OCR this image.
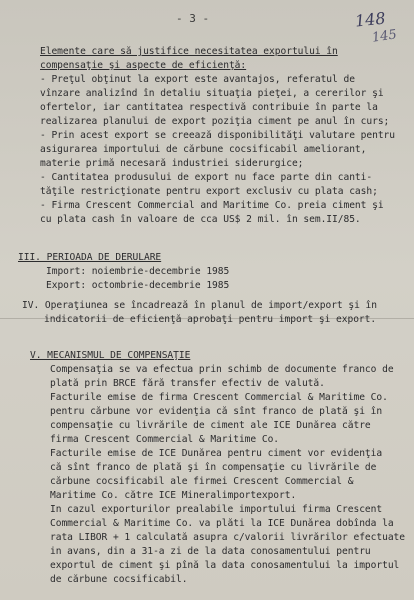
- 3 -	148
145
Elemente care să justifice necesitatea exportului în
compensaţie şi aspecte de eficienţă:
- Preţul obţinut la export este avantajos, referatul de
vînzare analizînd în detaliu situaţia pieţei, a cererilor şi
ofertelor, iar cantitatea respectivă contribuie în parte la
realizarea planului de export poziţia ciment pe anul în curs;
- Prin acest export se creează disponibilităţi valutare pentru
asigurarea importului de cărbune cocsificabil ameliorant,
materie primă necesară industriei siderurgice;
- Cantitatea produsului de export nu face parte din canti-
tăţile restricţionate pentru export exclusiv cu plata cash;
- Firma Crescent Commercial and Maritime Co. preia ciment şi
cu plata cash în valoare de cca US$ 2 mil. în sem.II/85.
III. PERIOADA DE DERULARE
Import: noiembrie-decembrie 1985
Export: octombrie-decembrie 1985
IV. Operaţiunea se încadrează în planul de import/export şi în
indicatorii de eficienţă aprobaţi pentru import şi export.
V. MECANISMUL DE COMPENSAŢIE
Compensaţia se va efectua prin schimb de documente franco de
plată prin BRCE fără transfer efectiv de valută.
Facturile emise de firma Crescent Commercial & Maritime Co.
pentru cărbune vor evidenţia că sînt franco de plată şi în
compensaţie cu livrările de ciment ale ICE Dunărea către
firma Crescent Commercial & Maritime Co.
Facturile emise de ICE Dunărea pentru ciment vor evidenţia
că sînt franco de plată şi în compensaţie cu livrările de
cărbune cocsificabil ale firmei Crescent Commercial &
Maritime Co. către ICE Mineralimportexport.
In cazul exporturilor prealabile importului firma Crescent
Commercial & Maritime Co. va plăti la ICE Dunărea dobînda la
rata LIBOR + 1 calculată asupra c/valorii livrărilor efectuate
in avans, din a 31-a zi de la data conosamentului pentru
exportul de ciment şi pînă la data conosamentului la importul
de cărbune cocsificabil.
